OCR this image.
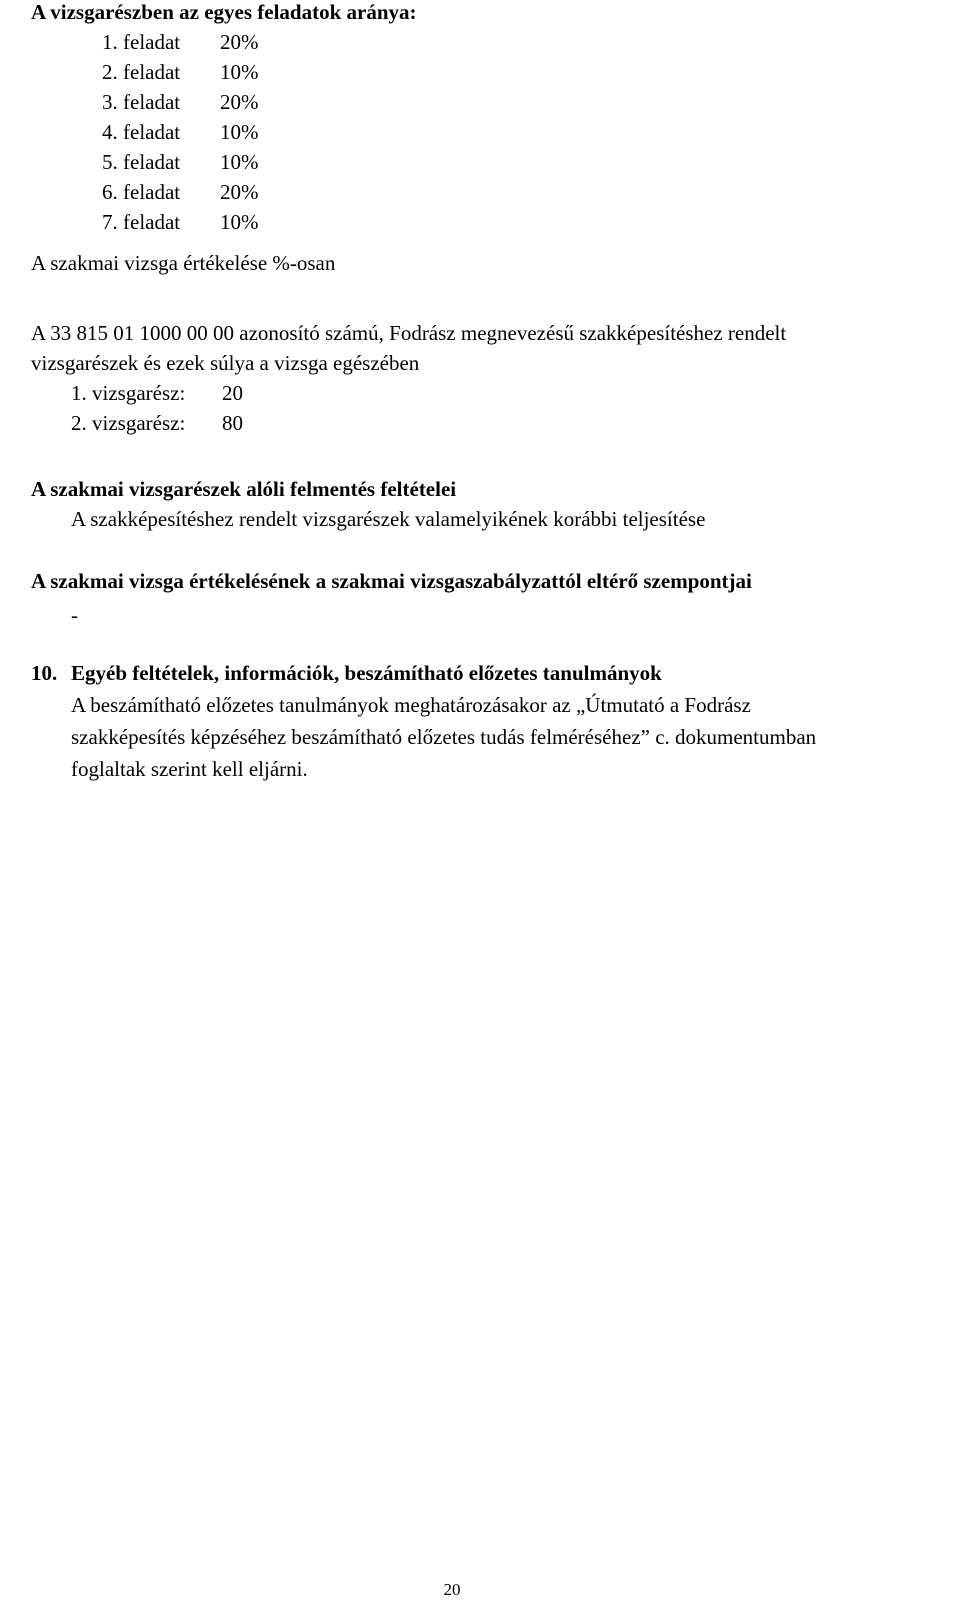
A vizsgarészben az egyes feladatok aránya:
1. feladat 20%
2. feladat 10%
3. feladat 20%
4. feladat 10%
5. feladat 10%
6. feladat 20%
7. feladat 10%
A szakmai vizsga értékelése %-osan
A 33 815 01 1000 00 00 azonosító számú, Fodrász megnevezésű szakképesítéshez rendelt
vizsgarészek és ezek súlya a vizsga egészében
1. vizsgarész: 20
2. vizsgarész: 80
A szakmai vizsgarészek alóli felmentés feltételei
A szakképesítéshez rendelt vizsgarészek valamelyikének korábbi teljesítése
A szakmai vizsga értékelésének a szakmai vizsgaszabályzattól eltérő szempontjai
-
10. Egyéb feltételek, információk, beszámítható előzetes tanulmányok
A beszámítható előzetes tanulmányok meghatározásakor az „Útmutató a Fodrász
szakképesítés képzéséhez beszámítható előzetes tudás felméréséhez” c. dokumentumban
foglaltak szerint kell eljárni.
20
